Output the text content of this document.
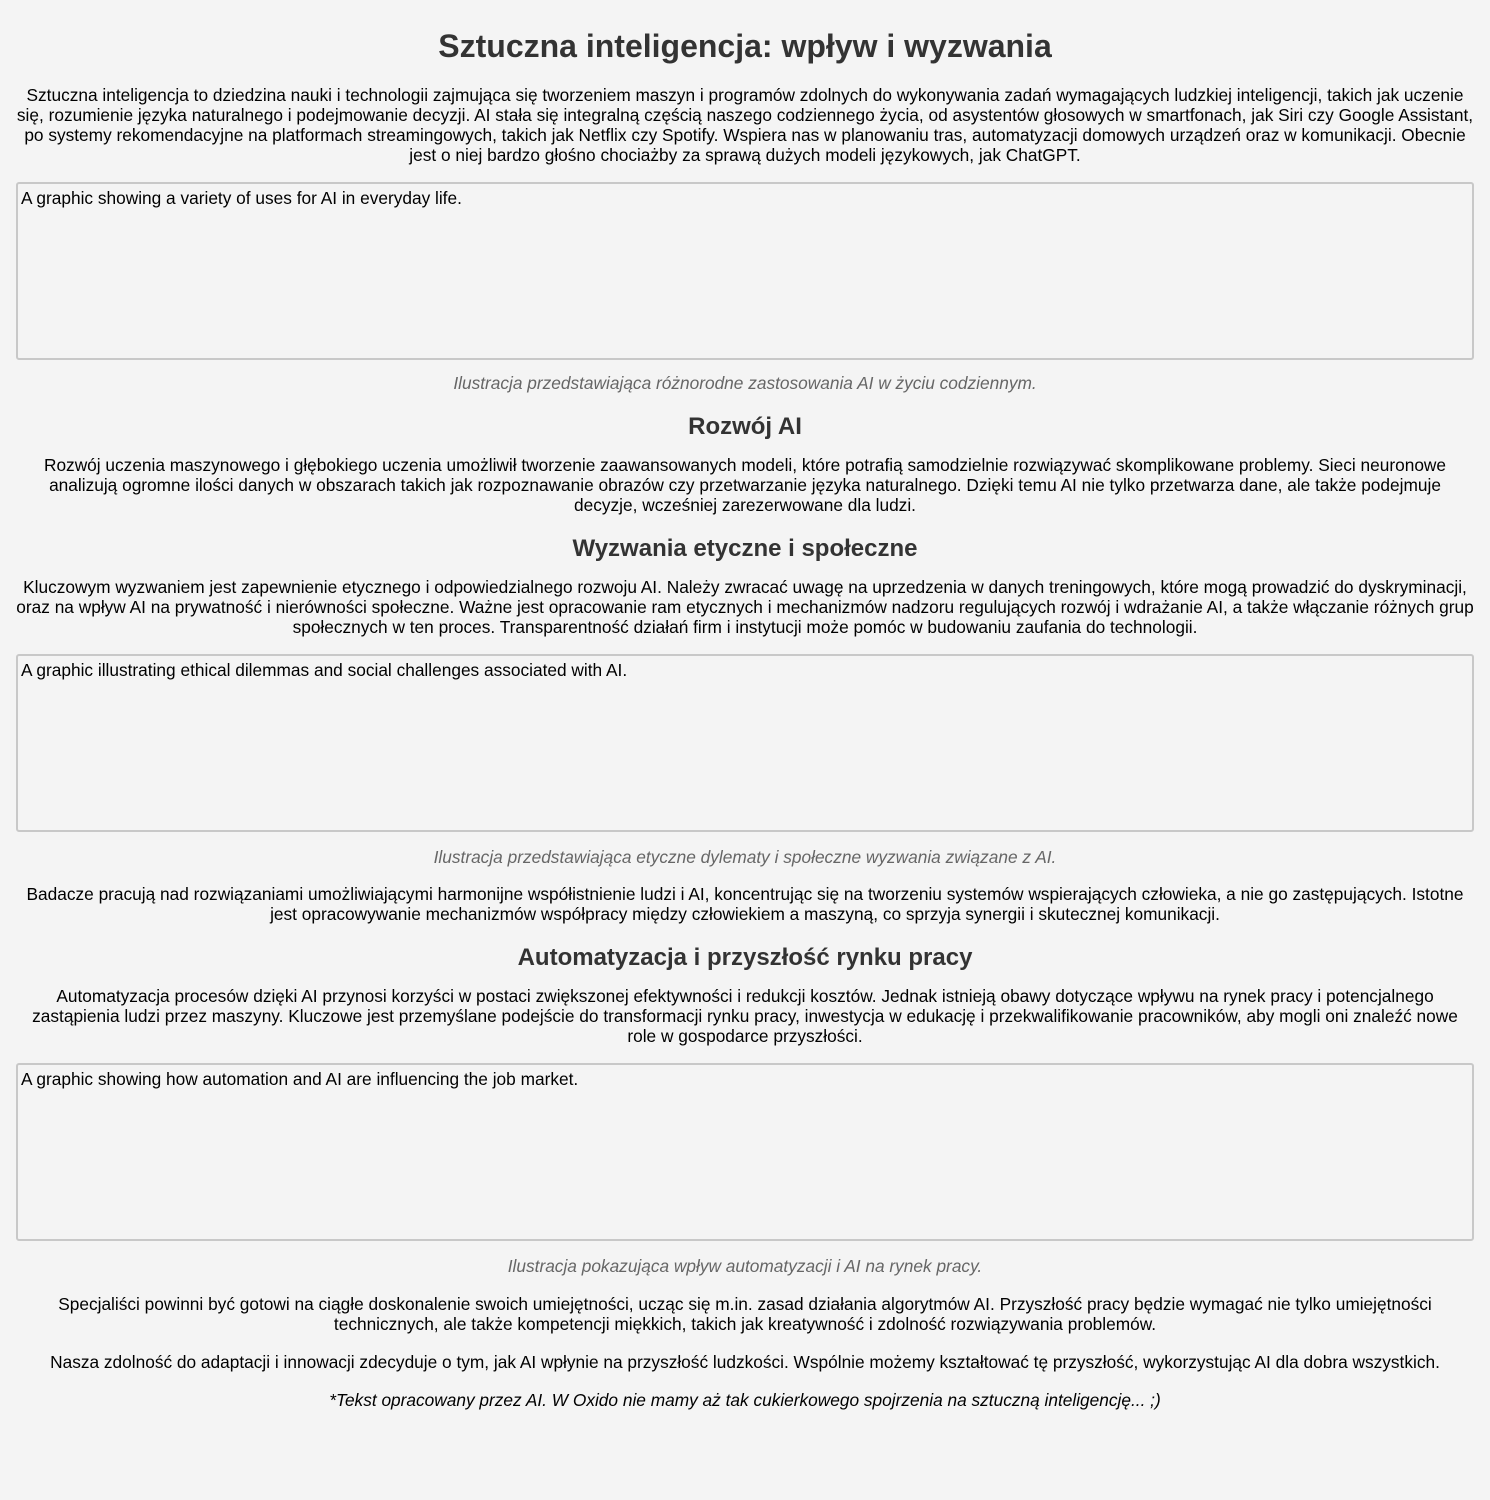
Sztuczna inteligencja: wpływ i wyzwania

Sztuczna inteligencja to dziedzina nauki i technologii zajmująca się tworzeniem maszyn i programów zdolnych do wykonywania zadań wymagających ludzkiej inteligencji, takich jak uczenie się, rozumienie języka naturalnego i podejmowanie decyzji. AI stała się integralną częścią naszego codziennego życia, od asystentów głosowych w smartfonach, jak Siri czy Google Assistant, po systemy rekomendacyjne na platformach streamingowych, takich jak Netflix czy Spotify. Wspiera nas w planowaniu tras, automatyzacji domowych urządzeń oraz w komunikacji. Obecnie jest o niej bardzo głośno chociażby za sprawą dużych modeli językowych, jak ChatGPT.

A graphic showing a variety of uses for AI in everyday life.

Ilustracja przedstawiająca różnorodne zastosowania AI w życiu codziennym.

Rozwój AI

Rozwój uczenia maszynowego i głębokiego uczenia umożliwił tworzenie zaawansowanych modeli, które potrafią samodzielnie rozwiązywać skomplikowane problemy. Sieci neuronowe analizują ogromne ilości danych w obszarach takich jak rozpoznawanie obrazów czy przetwarzanie języka naturalnego. Dzięki temu AI nie tylko przetwarza dane, ale także podejmuje decyzje, wcześniej zarezerwowane dla ludzi.

Wyzwania etyczne i społeczne

Kluczowym wyzwaniem jest zapewnienie etycznego i odpowiedzialnego rozwoju AI. Należy zwracać uwagę na uprzedzenia w danych treningowych, które mogą prowadzić do dyskryminacji, oraz na wpływ AI na prywatność i nierówności społeczne. Ważne jest opracowanie ram etycznych i mechanizmów nadzoru regulujących rozwój i wdrażanie AI, a także włączanie różnych grup społecznych w ten proces. Transparentność działań firm i instytucji może pomóc w budowaniu zaufania do technologii.

A graphic illustrating ethical dilemmas and social challenges associated with AI.

Ilustracja przedstawiająca etyczne dylematy i społeczne wyzwania związane z AI.

Badacze pracują nad rozwiązaniami umożliwiającymi harmonijne współistnienie ludzi i AI, koncentrując się na tworzeniu systemów wspierających człowieka, a nie go zastępujących. Istotne jest opracowywanie mechanizmów współpracy między człowiekiem a maszyną, co sprzyja synergii i skutecznej komunikacji.

Automatyzacja i przyszłość rynku pracy

Automatyzacja procesów dzięki AI przynosi korzyści w postaci zwiększonej efektywności i redukcji kosztów. Jednak istnieją obawy dotyczące wpływu na rynek pracy i potencjalnego zastąpienia ludzi przez maszyny. Kluczowe jest przemyślane podejście do transformacji rynku pracy, inwestycja w edukację i przekwalifikowanie pracowników, aby mogli oni znaleźć nowe role w gospodarce przyszłości.

A graphic showing how automation and AI are influencing the job market.

Ilustracja pokazująca wpływ automatyzacji i AI na rynek pracy.

Specjaliści powinni być gotowi na ciągłe doskonalenie swoich umiejętności, ucząc się m.in. zasad działania algorytmów AI. Przyszłość pracy będzie wymagać nie tylko umiejętności technicznych, ale także kompetencji miękkich, takich jak kreatywność i zdolność rozwiązywania problemów.

Nasza zdolność do adaptacji i innowacji zdecyduje o tym, jak AI wpłynie na przyszłość ludzkości. Wspólnie możemy kształtować tę przyszłość, wykorzystując AI dla dobra wszystkich.

*Tekst opracowany przez AI. W Oxido nie mamy aż tak cukierkowego spojrzenia na sztuczną inteligencję... ;)
